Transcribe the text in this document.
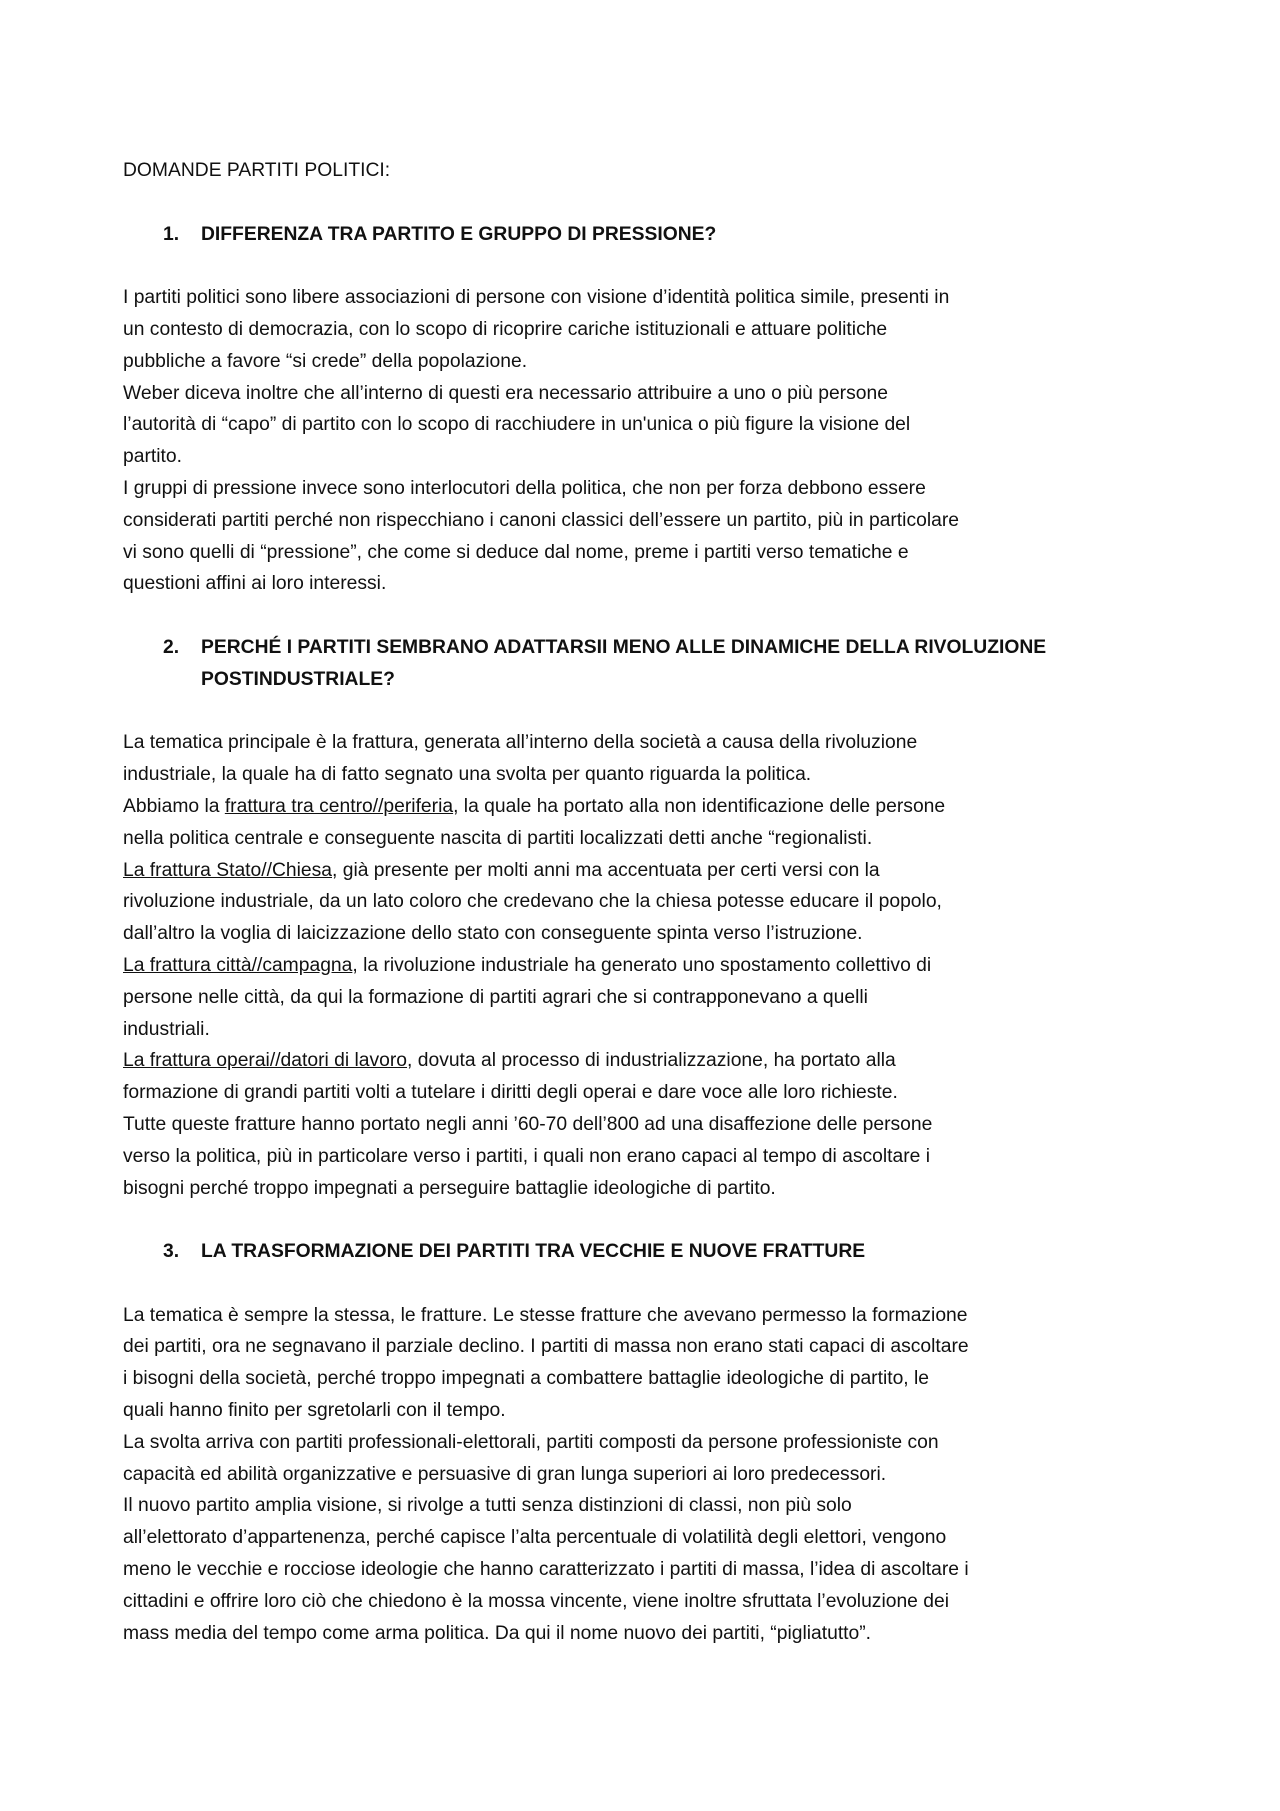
DOMANDE PARTITI POLITICI:
1.	DIFFERENZA TRA PARTITO E GRUPPO DI PRESSIONE?
I partiti politici sono libere associazioni di persone con visione d’identità politica simile, presenti in
un contesto di democrazia, con lo scopo di ricoprire cariche istituzionali e attuare politiche
pubbliche a favore “si crede” della popolazione.
Weber diceva inoltre che all’interno di questi era necessario attribuire a uno o più persone
l’autorità di “capo” di partito con lo scopo di racchiudere in un'unica o più figure la visione del
partito.
I gruppi di pressione invece sono interlocutori della politica, che non per forza debbono essere
considerati partiti perché non rispecchiano i canoni classici dell’essere un partito, più in particolare
vi sono quelli di “pressione”, che come si deduce dal nome, preme i partiti verso tematiche e
questioni affini ai loro interessi.
2.	PERCHÉ I PARTITI SEMBRANO ADATTARSII MENO ALLE DINAMICHE DELLA RIVOLUZIONE
POSTINDUSTRIALE?
La tematica principale è la frattura, generata all’interno della società a causa della rivoluzione
industriale, la quale ha di fatto segnato una svolta per quanto riguarda la politica.
Abbiamo la frattura tra centro//periferia, la quale ha portato alla non identificazione delle persone
nella politica centrale e conseguente nascita di partiti localizzati detti anche “regionalisti.
La frattura Stato//Chiesa, già presente per molti anni ma accentuata per certi versi con la
rivoluzione industriale, da un lato coloro che credevano che la chiesa potesse educare il popolo,
dall’altro la voglia di laicizzazione dello stato con conseguente spinta verso l’istruzione.
La frattura città//campagna, la rivoluzione industriale ha generato uno spostamento collettivo di
persone nelle città, da qui la formazione di partiti agrari che si contrapponevano a quelli
industriali.
La frattura operai//datori di lavoro, dovuta al processo di industrializzazione, ha portato alla
formazione di grandi partiti volti a tutelare i diritti degli operai e dare voce alle loro richieste.
Tutte queste fratture hanno portato negli anni ’60-70 dell’800 ad una disaffezione delle persone
verso la politica, più in particolare verso i partiti, i quali non erano capaci al tempo di ascoltare i
bisogni perché troppo impegnati a perseguire battaglie ideologiche di partito.
3.	LA TRASFORMAZIONE DEI PARTITI TRA VECCHIE E NUOVE FRATTURE
La tematica è sempre la stessa, le fratture. Le stesse fratture che avevano permesso la formazione
dei partiti, ora ne segnavano il parziale declino. I partiti di massa non erano stati capaci di ascoltare
i bisogni della società, perché troppo impegnati a combattere battaglie ideologiche di partito, le
quali hanno finito per sgretolarli con il tempo.
La svolta arriva con partiti professionali-elettorali, partiti composti da persone professioniste con
capacità ed abilità organizzative e persuasive di gran lunga superiori ai loro predecessori.
Il nuovo partito amplia visione, si rivolge a tutti senza distinzioni di classi, non più solo
all’elettorato d’appartenenza, perché capisce l’alta percentuale di volatilità degli elettori, vengono
meno le vecchie e rocciose ideologie che hanno caratterizzato i partiti di massa, l’idea di ascoltare i
cittadini e offrire loro ciò che chiedono è la mossa vincente, viene inoltre sfruttata l’evoluzione dei
mass media del tempo come arma politica. Da qui il nome nuovo dei partiti, “pigliatutto”.
